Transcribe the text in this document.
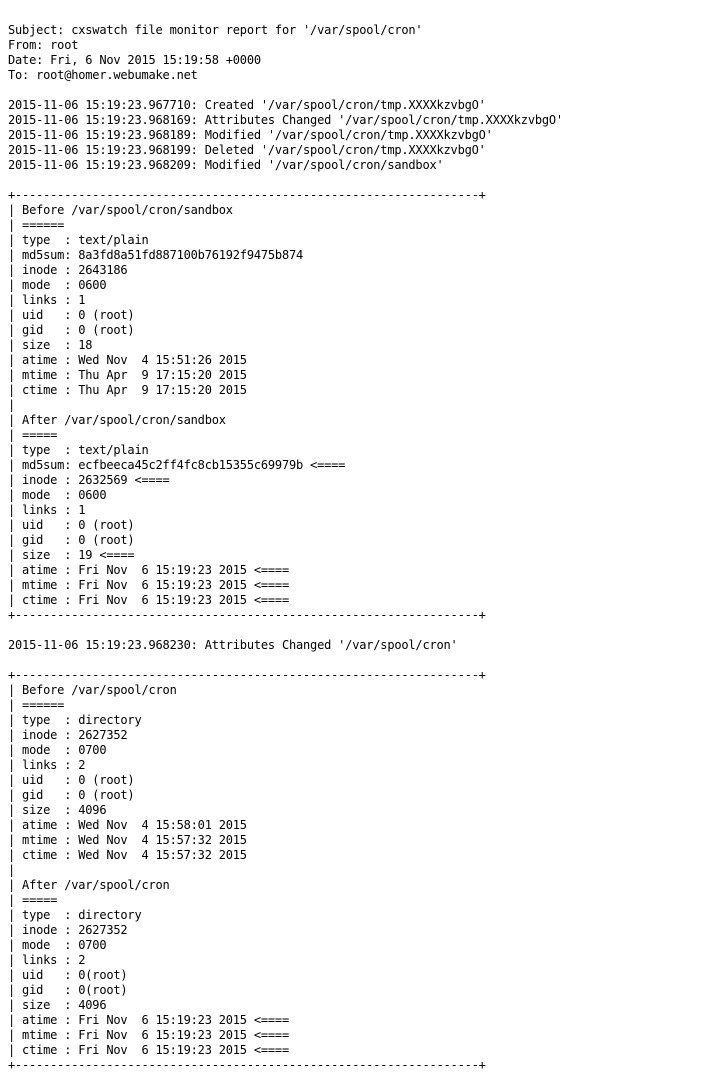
Subject: cxswatch file monitor report for '/var/spool/cron'
From: root
Date: Fri, 6 Nov 2015 15:19:58 +0000
To: root@homer.webumake.net
2015-11-06 15:19:23.967710: Created '/var/spool/cron/tmp.XXXXkzvbgO'
2015-11-06 15:19:23.968169: Attributes Changed '/var/spool/cron/tmp.XXXXkzvbgO'
2015-11-06 15:19:23.968189: Modified '/var/spool/cron/tmp.XXXXkzvbgO'
2015-11-06 15:19:23.968199: Deleted '/var/spool/cron/tmp.XXXXkzvbgO'
2015-11-06 15:19:23.968209: Modified '/var/spool/cron/sandbox'
+------------------------------------------------------------------+
| Before /var/spool/cron/sandbox
| ======
| type  : text/plain
| md5sum: 8a3fd8a51fd887100b76192f9475b874
| inode : 2643186
| mode  : 0600
| links : 1
| uid   : 0 (root)
| gid   : 0 (root)
| size  : 18
| atime : Wed Nov  4 15:51:26 2015
| mtime : Thu Apr  9 17:15:20 2015
| ctime : Thu Apr  9 17:15:20 2015
|
| After /var/spool/cron/sandbox
| =====
| type  : text/plain
| md5sum: ecfbeeca45c2ff4fc8cb15355c69979b <====
| inode : 2632569 <====
| mode  : 0600
| links : 1
| uid   : 0 (root)
| gid   : 0 (root)
| size  : 19 <====
| atime : Fri Nov  6 15:19:23 2015 <====
| mtime : Fri Nov  6 15:19:23 2015 <====
| ctime : Fri Nov  6 15:19:23 2015 <====
+------------------------------------------------------------------+
2015-11-06 15:19:23.968230: Attributes Changed '/var/spool/cron'
+------------------------------------------------------------------+
| Before /var/spool/cron
| ======
| type  : directory
| inode : 2627352
| mode  : 0700
| links : 2
| uid   : 0 (root)
| gid   : 0 (root)
| size  : 4096
| atime : Wed Nov  4 15:58:01 2015
| mtime : Wed Nov  4 15:57:32 2015
| ctime : Wed Nov  4 15:57:32 2015
|
| After /var/spool/cron
| =====
| type  : directory
| inode : 2627352
| mode  : 0700
| links : 2
| uid   : 0(root)
| gid   : 0(root)
| size  : 4096
| atime : Fri Nov  6 15:19:23 2015 <====
| mtime : Fri Nov  6 15:19:23 2015 <====
| ctime : Fri Nov  6 15:19:23 2015 <====
+------------------------------------------------------------------+
